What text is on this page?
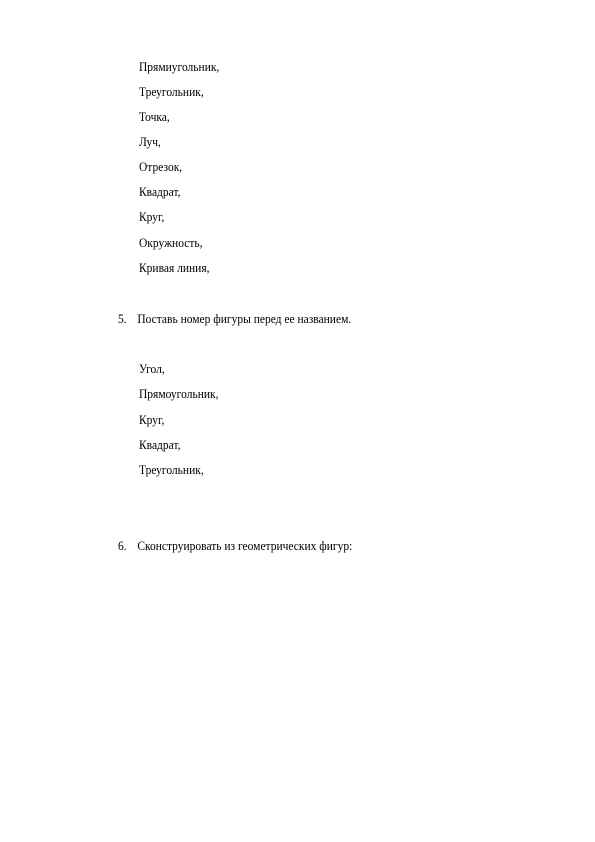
Прямиугольник,
Треугольник,
Точка,
Луч,
Отрезок,
Квадрат,
Круг,
Окружность,
Кривая линия,
5. Поставь номер фигуры перед ее названием.
Угол,
Прямоугольник,
Круг,
Квадрат,
Треугольник,
6. Сконструировать из геометрических фигур:
